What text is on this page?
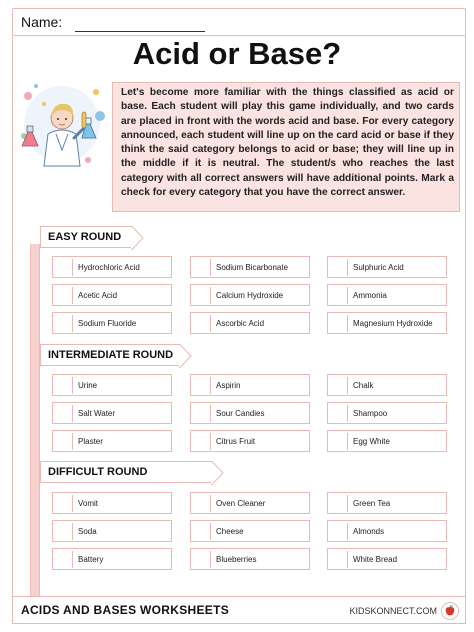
Name:
Acid or Base?
Let's become more familiar with the things classified as acid or base. Each student will play this game individually, and two cards are placed in front with the words acid and base. For every category announced, each student will line up on the card acid or base if they think the said category belongs to acid or base; they will line up in the middle if it is neutral. The student/s who reaches the last category with all correct answers will have additional points. Mark a check for every category that you have the correct answer.
EASY ROUND
INTERMEDIATE ROUND
DIFFICULT ROUND
Hydrochloric Acid	Sodium Bicarbonate	Sulphuric Acid
Acetic Acid	Calcium Hydroxide	Ammonia
Sodium Fluoride	Ascorbic Acid	Magnesium Hydroxide
Urine	Aspirin	Chalk
Salt Water	Sour Candies	Shampoo
Plaster	Citrus Fruit	Egg White
Vomit	Oven Cleaner	Green Tea
Soda	Cheese	Almonds
Battery	Blueberries	White Bread
ACIDS AND BASES WORKSHEETS	KIDSKONNECT.COM
